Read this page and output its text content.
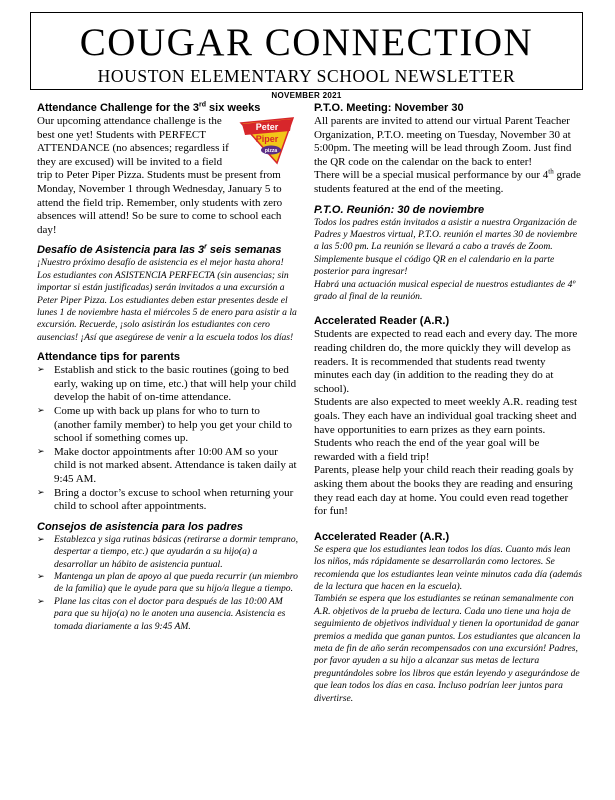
COUGAR CONNECTION
HOUSTON ELEMENTARY SCHOOL NEWSLETTER
NOVEMBER 2021

Attendance Challenge for the 3rd six weeks

Peter
Piper
pizza

Our upcoming attendance challenge is the best one yet! Students with PERFECT ATTENDANCE (no absences; regardless if they are excused) will be invited to a field trip to Peter Piper Pizza. Students must be present from Monday, November 1 through Wednesday, January 5 to attend the field trip. Remember, only students with zero absences will attend! So be sure to come to school each day!

Desafío de Asistencia para las 3$^r$ seis semanas

¡Nuestro próximo desafío de asistencia es el mejor hasta ahora! Los estudiantes con ASISTENCIA PERFECTA (sin ausencias; sin importar si están justificadas) serán invitados a una excursión a Peter Piper Pizza. Los estudiantes deben estar presentes desde el lunes 1 de noviembre hasta el miércoles 5 de enero para asistir a la excursión. Recuerde, ¡solo asistirán los estudiantes con cero ausencias! ¡Así que asegúrese de venir a la escuela todos los días!

Attendance tips for parents

➢ Establish and stick to the basic routines (going to bed early, waking up on time, etc.) that will help your child develop the habit of on-time attendance.
➢ Come up with back up plans for who to turn to (another family member) to help you get your child to school if something comes up.
➢ Make doctor appointments after 10:00 AM so your child is not marked absent. Attendance is taken daily at 9:45 AM.
➢ Bring a doctor’s excuse to school when returning your child to school after appointments.

Consejos de asistencia para los padres

➢ Establezca y siga rutinas básicas (retirarse a dormir temprano, despertar a tiempo, etc.) que ayudarán a su hijo(a) a desarrollar un hábito de asistencia puntual.
➢ Mantenga un plan de apoyo al que pueda recurrir (un miembro de la familia) que le ayude para que su hijo/a llegue a tiempo.
➢ Plane las citas con el doctor para después de las 10:00 AM para que su hijo(a) no le anoten una ausencia. Asistencia es tomada diariamente a las 9:45 AM.

P.T.O. Meeting: November 30

All parents are invited to attend our virtual Parent Teacher Organization, P.T.O. meeting on Tuesday, November 30 at 5:00pm. The meeting will be lead through Zoom. Just find the QR code on the calendar on the back to enter!

There will be a special musical performance by our 4th grade students featured at the end of the meeting.

P.T.O. Reunión: 30 de noviembre

Todos los padres están invitados a asistir a nuestra Organización de Padres y Maestros virtual, P.T.O. reunión el martes 30 de noviembre a las 5:00 pm. La reunión se llevará a cabo a través de Zoom. Simplemente busque el código QR en el calendario en la parte posterior para ingresar!

Habrá una actuación musical especial de nuestros estudiantes de 4º grado al final de la reunión.

Accelerated Reader (A.R.)

Students are expected to read each and every day. The more reading children do, the more quickly they will develop as readers. It is recommended that students read twenty minutes each day (in addition to the reading they do at school).

Students are also expected to meet weekly A.R. reading test goals. They each have an individual goal tracking sheet and have opportunities to earn prizes as they earn points. Students who reach the end of the year goal will be rewarded with a field trip!

Parents, please help your child reach their reading goals by asking them about the books they are reading and ensuring they read each day at home. You could even read together for fun!

Accelerated Reader (A.R.)

Se espera que los estudiantes lean todos los días. Cuanto más lean los niños, más rápidamente se desarrollarán como lectores. Se recomienda que los estudiantes lean veinte minutos cada día (además de la lectura que hacen en la escuela).

También se espera que los estudiantes se reúnan semanalmente con A.R. objetivos de la prueba de lectura. Cada uno tiene una hoja de seguimiento de objetivos individual y tienen la oportunidad de ganar premios a medida que ganan puntos. Los estudiantes que alcancen la meta de fin de año serán recompensados con una excursión! Padres, por favor ayuden a su hijo a alcanzar sus metas de lectura preguntándoles sobre los libros que están leyendo y asegurándose de que lean todos los días en casa. Incluso podrían leer juntos para divertirse.
